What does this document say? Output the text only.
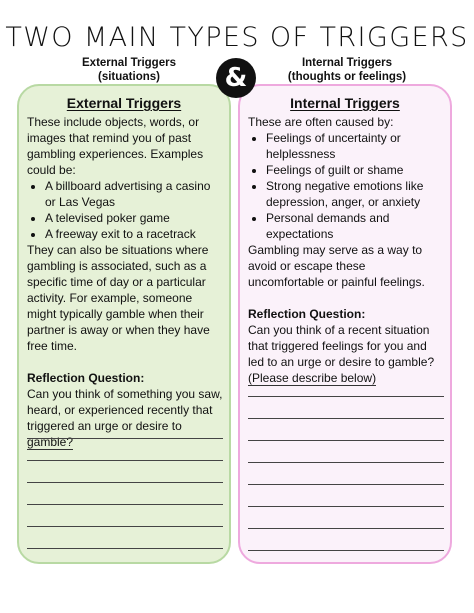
TWO MAIN TYPES OF TRIGGERS
External Triggers
(situations)
Internal Triggers
(thoughts or feelings)
&
External Triggers

These include objects, words, or images that remind you of past gambling experiences. Examples could be:

• A billboard advertising a casino or Las Vegas
• A televised poker game
• A freeway exit to a racetrack

They can also be situations where gambling is associated, such as a specific time of day or a particular activity. For example, someone might typically gamble when their partner is away or when they have free time.

Reflection Question:

Can you think of something you saw, heard, or experienced recently that triggered an urge or desire to gamble?

Internal Triggers

These are often caused by:

• Feelings of uncertainty or helplessness
• Feelings of guilt or shame
• Strong negative emotions like depression, anger, or anxiety
• Personal demands and expectations

Gambling may serve as a way to avoid or escape these uncomfortable or painful feelings.

Reflection Question:

Can you think of a recent situation that triggered feelings for you and led to an urge or desire to gamble?

(Please describe below)
